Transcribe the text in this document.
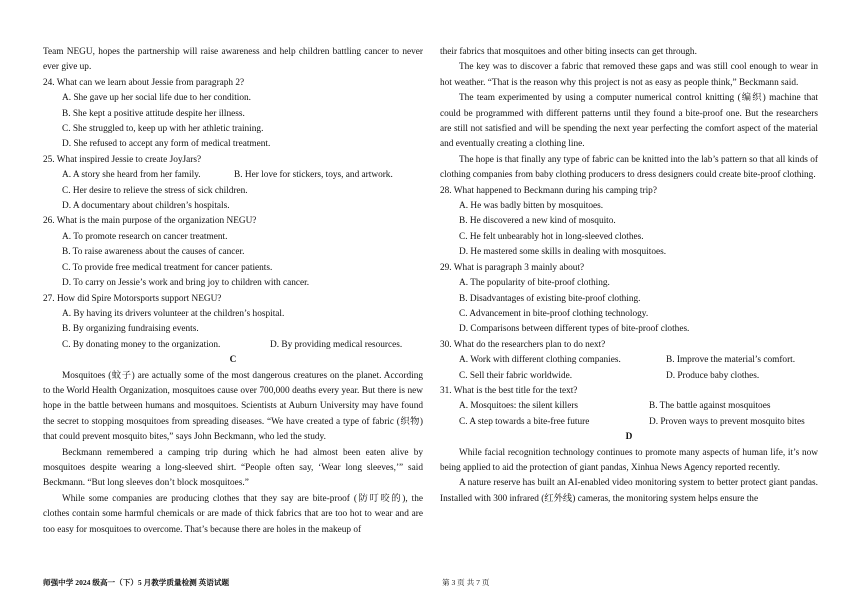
Team NEGU, hopes the partnership will raise awareness and help children battling cancer to never ever give up.

24. What can we learn about Jessie from paragraph 2?

A. She gave up her social life due to her condition.

B. She kept a positive attitude despite her illness.

C. She struggled to, keep up with her athletic training.

D. She refused to accept any form of medical treatment.

25. What inspired Jessie to create JoyJars?

A. A story she heard from her family.	B. Her love for stickers, toys, and artwork.

C. Her desire to relieve the stress of sick children.

D. A documentary about children’s hospitals.

26. What is the main purpose of the organization NEGU?

A. To promote research on cancer treatment.

B. To raise awareness about the causes of cancer.

C. To provide free medical treatment for cancer patients.

D. To carry on Jessie’s work and bring joy to children with cancer.

27. How did Spire Motorsports support NEGU?

A. By having its drivers volunteer at the children’s hospital.

B. By organizing fundraising events.

C. By donating money to the organization.	D. By providing medical resources.

C

Mosquitoes (蚊子) are actually some of the most dangerous creatures on the planet. According to the World Health Organization, mosquitoes cause over 700,000 deaths every year. But there is new hope in the battle between humans and mosquitoes. Scientists at Auburn University may have found the secret to stopping mosquitoes from spreading diseases. “We have created a type of fabric (织物) that could prevent mosquito bites,” says John Beckmann, who led the study.

Beckmann remembered a camping trip during which he had almost been eaten alive by mosquitoes despite wearing a long-sleeved shirt. “People often say, ‘Wear long sleeves,’” said Beckmann. “But long sleeves don’t block mosquitoes.”

While some companies are producing clothes that they say are bite-proof (防叮咬的), the clothes contain some harmful chemicals or are made of thick fabrics that are too hot to wear and are too easy for mosquitoes to overcome. That’s because there are holes in the makeup of

their fabrics that mosquitoes and other biting insects can get through.

The key was to discover a fabric that removed these gaps and was still cool enough to wear in hot weather. “That is the reason why this project is not as easy as people think,” Beckmann said.

The team experimented by using a computer numerical control knitting (编织) machine that could be programmed with different patterns until they found a bite-proof one. But the researchers are still not satisfied and will be spending the next year perfecting the comfort aspect of the material and eventually creating a clothing line.

The hope is that finally any type of fabric can be knitted into the lab’s pattern so that all kinds of clothing companies from baby clothing producers to dress designers could create bite-proof clothing.

28. What happened to Beckmann during his camping trip?

A. He was badly bitten by mosquitoes.

B. He discovered a new kind of mosquito.

C. He felt unbearably hot in long-sleeved clothes.

D. He mastered some skills in dealing with mosquitoes.

29. What is paragraph 3 mainly about?

A. The popularity of bite-proof clothing.

B. Disadvantages of existing bite-proof clothing.

C. Advancement in bite-proof clothing technology.

D. Comparisons between different types of bite-proof clothes.

30. What do the researchers plan to do next?

A. Work with different clothing companies.	B. Improve the material’s comfort.
C. Sell their fabric worldwide.	D. Produce baby clothes.

31. What is the best title for the text?

A. Mosquitoes: the silent killers	B. The battle against mosquitoes
C. A step towards a bite-free future	D. Proven ways to prevent mosquito bites

D

While facial recognition technology continues to promote many aspects of human life, it’s now being applied to aid the protection of giant pandas, Xinhua News Agency reported recently.

A nature reserve has built an AI-enabled video monitoring system to better protect giant pandas. Installed with 300 infrared (红外线) cameras, the monitoring system helps ensure the

师强中学 2024 级高一（下）5 月教学质量检测 英语试题	第 3 页 共 7 页
